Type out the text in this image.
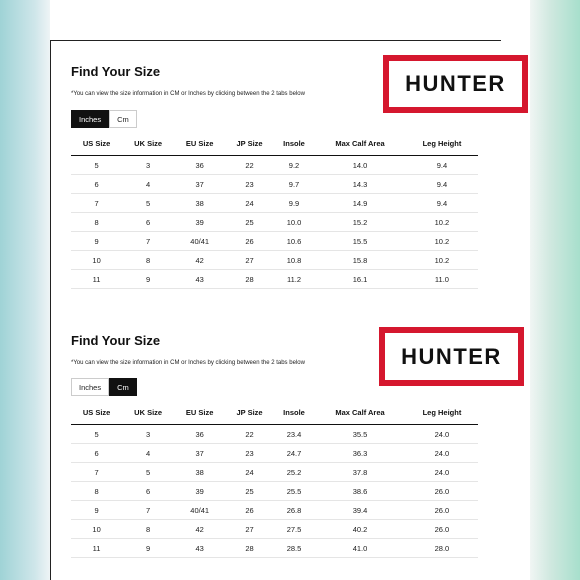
Find Your Size
*You can view the size information in CM or Inches by clicking between the 2 tabs below
Inches	Cm
HUNTER
US Size	UK Size	EU Size	JP Size	Insole	Max Calf Area	Leg Height
5	3	36	22	9.2	14.0	9.4
6	4	37	23	9.7	14.3	9.4
7	5	38	24	9.9	14.9	9.4
8	6	39	25	10.0	15.2	10.2
9	7	40/41	26	10.6	15.5	10.2
10	8	42	27	10.8	15.8	10.2
11	9	43	28	11.2	16.1	11.0
Find Your Size
*You can view the size information in CM or Inches by clicking between the 2 tabs below
Inches	Cm
HUNTER
US Size	UK Size	EU Size	JP Size	Insole	Max Calf Area	Leg Height
5	3	36	22	23.4	35.5	24.0
6	4	37	23	24.7	36.3	24.0
7	5	38	24	25.2	37.8	24.0
8	6	39	25	25.5	38.6	26.0
9	7	40/41	26	26.8	39.4	26.0
10	8	42	27	27.5	40.2	26.0
11	9	43	28	28.5	41.0	28.0
